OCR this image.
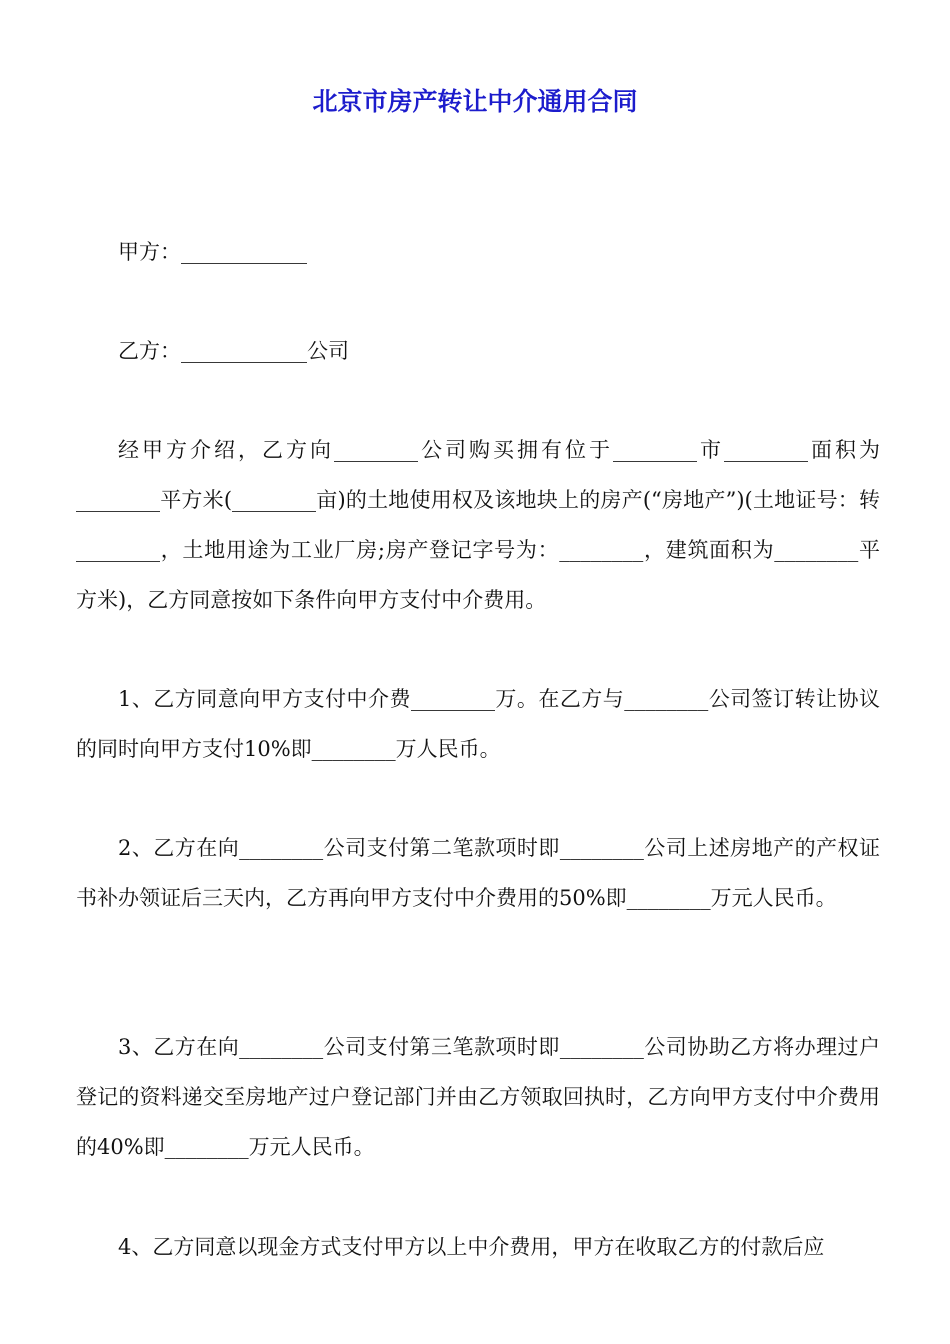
北京市房产转让中介通用合同

甲方：____________

乙方：____________公司

经甲方介绍，乙方向________公司购买拥有位于________市________面积为________平方米(________亩)的土地使用权及该地块上的房产(“房地产”)(土地证号：转________，土地用途为工业厂房;房产登记字号为：________，建筑面积为________平方米)，乙方同意按如下条件向甲方支付中介费用。

1、乙方同意向甲方支付中介费________万。在乙方与________公司签订转让协议的同时向甲方支付10%即________万人民币。

2、乙方在向________公司支付第二笔款项时即________公司上述房地产的产权证书补办领证后三天内，乙方再向甲方支付中介费用的50%即________万元人民币。

3、乙方在向________公司支付第三笔款项时即________公司协助乙方将办理过户登记的资料递交至房地产过户登记部门并由乙方领取回执时，乙方向甲方支付中介费用的40%即________万元人民币。

4、乙方同意以现金方式支付甲方以上中介费用，甲方在收取乙方的付款后应
